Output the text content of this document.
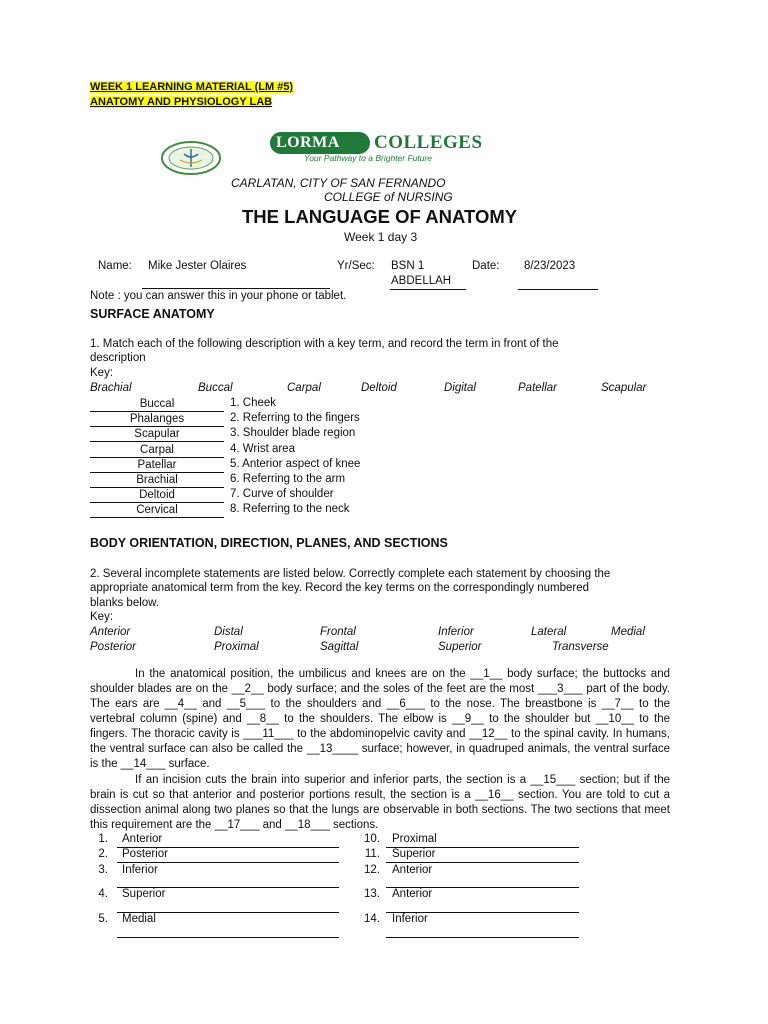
WEEK 1 LEARNING MATERIAL (LM #5)
ANATOMY AND PHYSIOLOGY LAB
LORMA COLLEGES
Your Pathway to a Brighter Future
CARLATAN, CITY OF SAN FERNANDO
COLLEGE of NURSING
THE LANGUAGE OF ANATOMY
Week 1 day 3
Name: Mike Jester Olaires	Yr/Sec: BSN 1
ABDELLAH
Date: 8/23/2023
Note : you can answer this in your phone or tablet.
SURFACE ANATOMY
1. Match each of the following description with a key term, and record the term in front of the
description
Key:
Brachial	Buccal	Carpal	Deltoid	Digital	Patellar	Scapular
Buccal	1. Cheek
Phalanges	2. Referring to the fingers
Scapular	3. Shoulder blade region
Carpal	4. Wrist area
Patellar	5. Anterior aspect of knee
Brachial	6. Referring to the arm
Deltoid	7. Curve of shoulder
Cervical	8. Referring to the neck
BODY ORIENTATION, DIRECTION, PLANES, AND SECTIONS
2. Several incomplete statements are listed below. Correctly complete each statement by choosing the
appropriate anatomical term from the key. Record the key terms on the correspondingly numbered
blanks below.
Key:
Anterior	Distal	Frontal	Inferior	Lateral	Medial
Posterior	Proximal	Sagittal	Superior	Transverse
In the anatomical position, the umbilicus and knees are on the __1__ body surface; the buttocks and shoulder blades are on the __2__ body surface; and the soles of the feet are the most ___3___ part of the body. The ears are __4__ and __5___ to the shoulders and __6___ to the nose. The breastbone is __7__ to the vertebral column (spine) and __8__ to the shoulders. The elbow is __9__ to the shoulder but __10__ to the fingers. The thoracic cavity is ___11___ to the abdominopelvic cavity and __12__ to the spinal cavity. In humans, the ventral surface can also be called the __13____ surface; however, in quadruped animals, the ventral surface is the __14___ surface.
If an incision cuts the brain into superior and inferior parts, the section is a __15___ section; but if the brain is cut so that anterior and posterior portions result, the section is a __16__ section. You are told to cut a dissection animal along two planes so that the lungs are observable in both sections. The two sections that meet this requirement are the __17___ and __18___ sections.
1. Anterior
2. Posterior
3. Inferior
4. Superior
5. Medial
10. Proximal
11. Superior
12. Anterior
13. Anterior
14. Inferior
